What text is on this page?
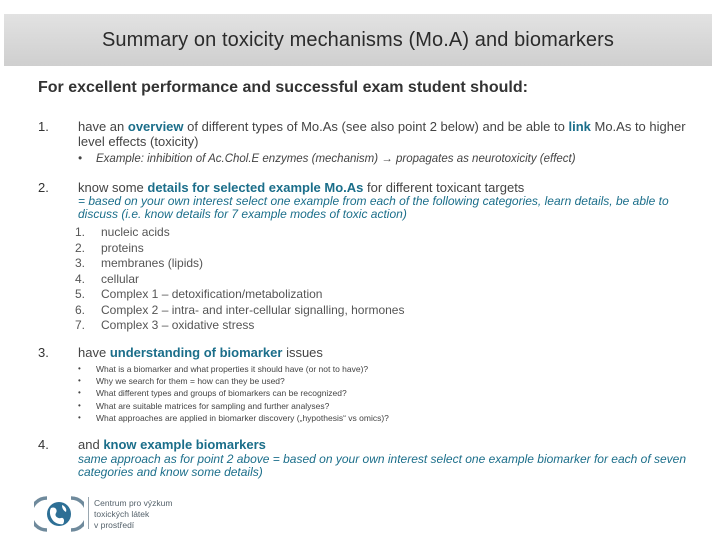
Summary on toxicity mechanisms (Mo.A) and biomarkers
For excellent performance and successful exam student should:
1. have an overview of different types of Mo.As (see also point 2 below) and be able to link Mo.As to higher level effects (toxicity)
• Example: inhibition of Ac.Chol.E enzymes (mechanism) → propagates as neurotoxicity (effect)
2. know some details for selected example Mo.As for different toxicant targets
= based on your own interest select one example from each of the following categories, learn details, be able to discuss (i.e. know details for 7 example modes of toxic action)
1. nucleic acids
2. proteins
3. membranes (lipids)
4. cellular
5. Complex 1 – detoxification/metabolization
6. Complex 2 – intra- and inter-cellular signalling, hormones
7. Complex 3 – oxidative stress
3. have understanding of biomarker issues
• What is a biomarker and what properties it should have (or not to have)?
• Why we search for them = how can they be used?
• What different types and groups of biomarkers can be recognized?
• What are suitable matrices for sampling and further analyses?
• What approaches are applied in biomarker discovery („hypothesis“ vs omics)?
4. and know example biomarkers
same approach as for point 2 above = based on your own interest select one example biomarker for each of seven categories and know some details)
Centrum pro výzkum
toxických látek
v prostředí
